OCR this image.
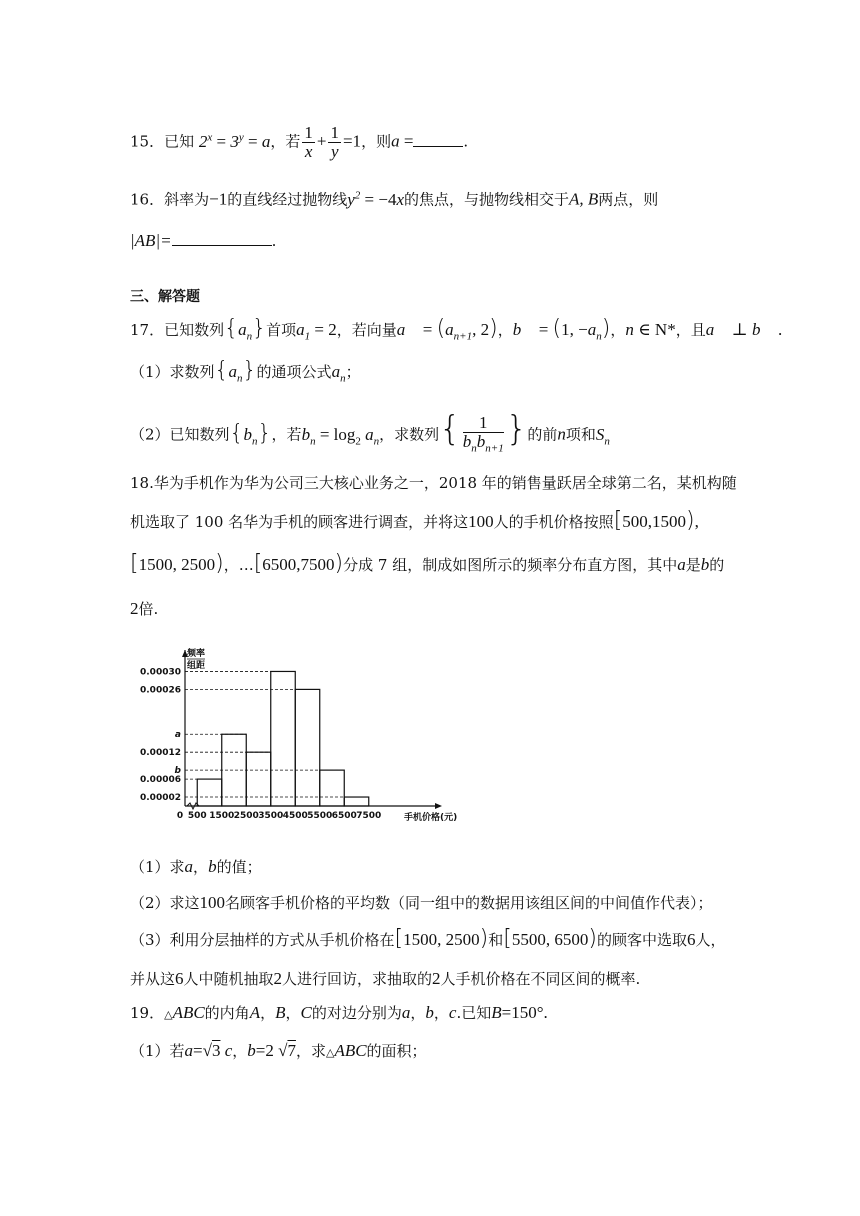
15．已知 $2^x = 3^y = a$，若 $\frac{1}{x} + \frac{1}{y} =1$，则a =	.
16．斜率为−1的直线经过抛物线$y^2 = -4x$的焦点，与抛物线相交于A, B两点，则
|AB|=	.
三、解答题
17．已知数列$\{a_n\}$首项$a_1 = 2$，若向量a⃗ = ($a_{n+1}$, 2)，b⃗ = (1, $-a_n$)，n ∈ N*，且a⃗ ⊥ b⃗ .
（1）求数列$\{a_n\}$的通项公式$a_n$；
（2）已知数列$\{b_n\}$，若$b_n = \log_2 a_n$，求数列{ $\frac{1}{b_nb_{n+1}}$ }的前n项和$S_n$
18.华为手机作为华为公司三大核心业务之一，2018 年的销售量跃居全球第二名，某机构随
机选取了 100 名华为手机的顾客进行调查，并将这100人的手机价格按照[500,1500),
[1500, 2500)，…[6500,7500)分成 7 组，制成如图所示的频率分布直方图，其中a是b的
2倍.
0.00030
0.00026
a
0.00012
b
0.00006
0.00002
0 500 1500 2500 3500 4500 5500 6500 7500
频率
组距
手机价格(元)
（1）求a，b的值；
（2）求这100名顾客手机价格的平均数（同一组中的数据用该组区间的中间值作代表）；
（3）利用分层抽样的方式从手机价格在[1500, 2500)和[5500, 6500)的顾客中选取6人，
并从这6人中随机抽取2人进行回访，求抽取的2人手机价格在不同区间的概率.
19．△ABC的内角A，B，C的对边分别为a，b，c.已知B=150°.
（1）若a=√3 c，b=2 √7，求△ABC的面积；
